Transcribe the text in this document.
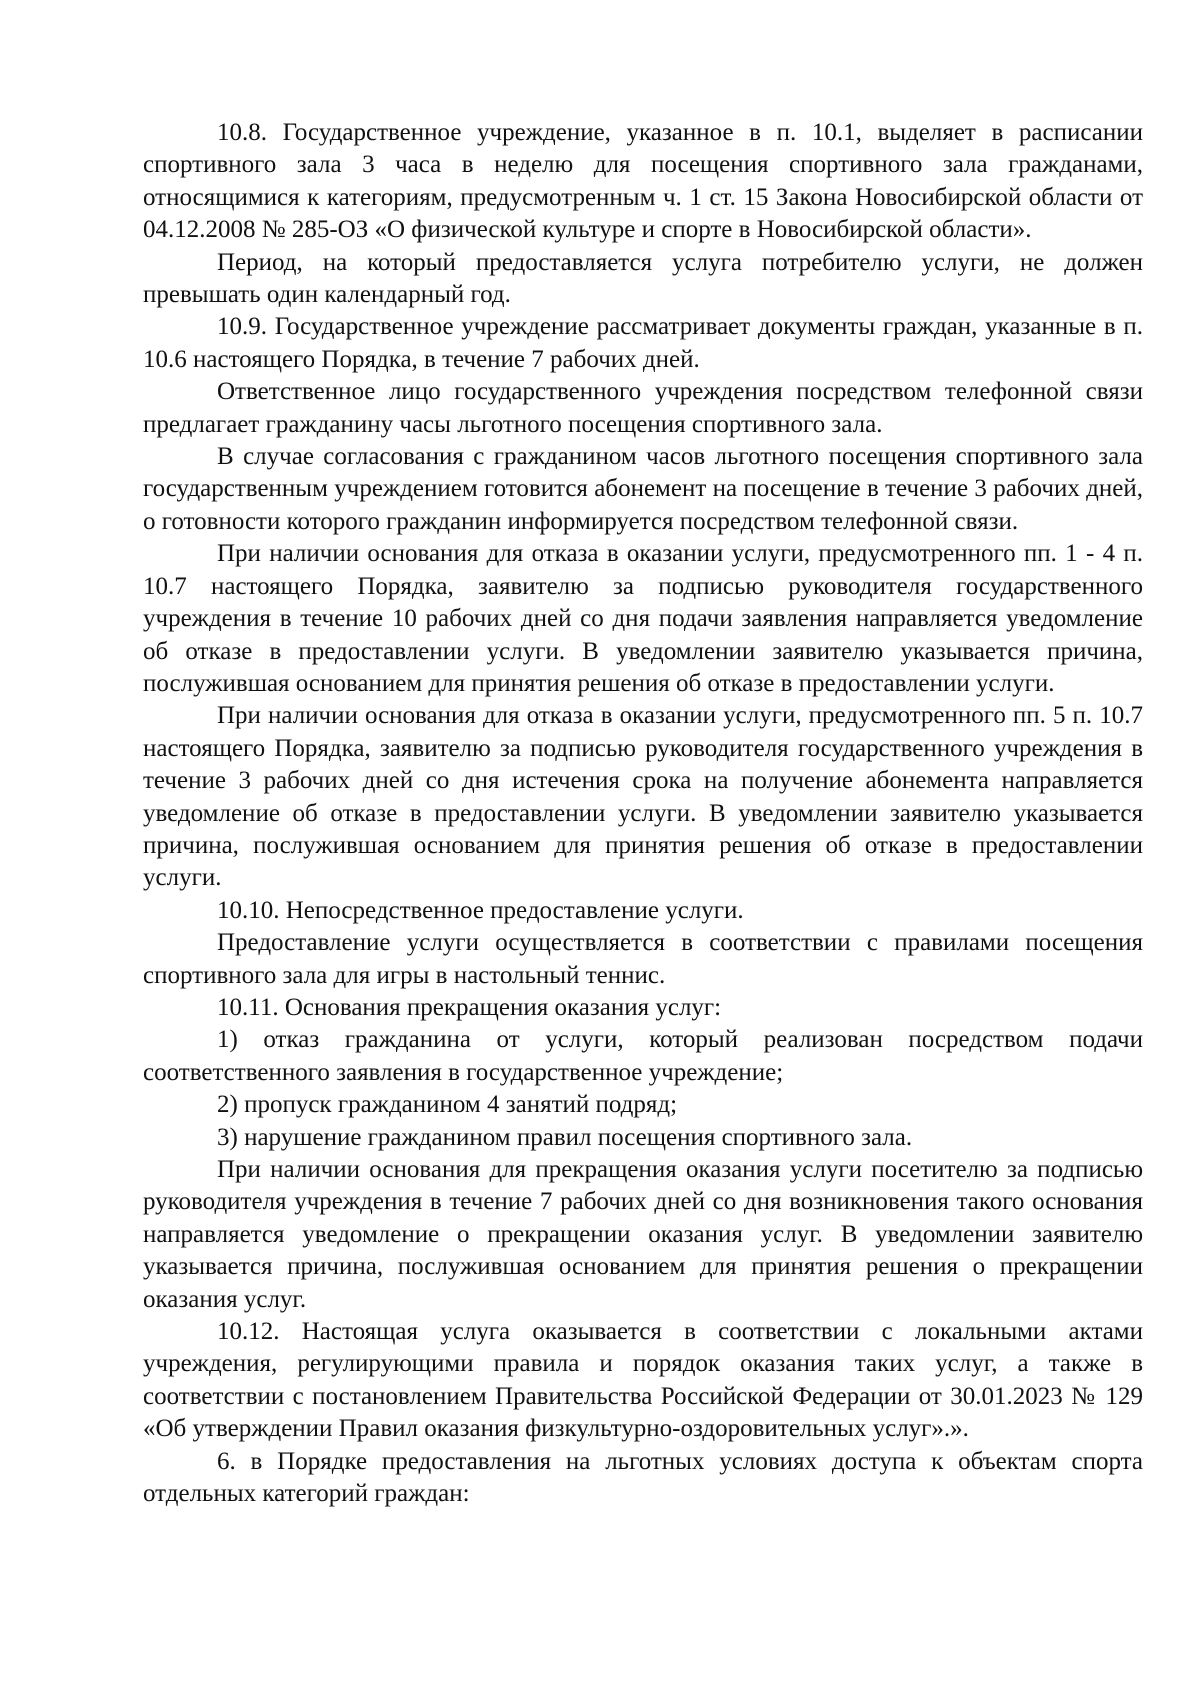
10.8. Государственное учреждение, указанное в п. 10.1, выделяет в расписании спортивного зала 3 часа в неделю для посещения спортивного зала гражданами, относящимися к категориям, предусмотренным ч. 1 ст. 15 Закона Новосибирской области от 04.12.2008 № 285-ОЗ «О физической культуре и спорте в Новосибирской области».

Период, на который предоставляется услуга потребителю услуги, не должен превышать один календарный год.

10.9. Государственное учреждение рассматривает документы граждан, указанные в п. 10.6 настоящего Порядка, в течение 7 рабочих дней.

Ответственное лицо государственного учреждения посредством телефонной связи предлагает гражданину часы льготного посещения спортивного зала.

В случае согласования с гражданином часов льготного посещения спортивного зала государственным учреждением готовится абонемент на посещение в течение 3 рабочих дней, о готовности которого гражданин информируется посредством телефонной связи.

При наличии основания для отказа в оказании услуги, предусмотренного пп. 1 - 4 п. 10.7 настоящего Порядка, заявителю за подписью руководителя государственного учреждения в течение 10 рабочих дней со дня подачи заявления направляется уведомление об отказе в предоставлении услуги. В уведомлении заявителю указывается причина, послужившая основанием для принятия решения об отказе в предоставлении услуги.

При наличии основания для отказа в оказании услуги, предусмотренного пп. 5 п. 10.7 настоящего Порядка, заявителю за подписью руководителя государственного учреждения в течение 3 рабочих дней со дня истечения срока на получение абонемента направляется уведомление об отказе в предоставлении услуги. В уведомлении заявителю указывается причина, послужившая основанием для принятия решения об отказе в предоставлении услуги.

10.10. Непосредственное предоставление услуги.

Предоставление услуги осуществляется в соответствии с правилами посещения спортивного зала для игры в настольный теннис.

10.11. Основания прекращения оказания услуг:

1) отказ гражданина от услуги, который реализован посредством подачи соответственного заявления в государственное учреждение;

2) пропуск гражданином 4 занятий подряд;

3) нарушение гражданином правил посещения спортивного зала.

При наличии основания для прекращения оказания услуги посетителю за подписью руководителя учреждения в течение 7 рабочих дней со дня возникновения такого основания направляется уведомление о прекращении оказания услуг. В уведомлении заявителю указывается причина, послужившая основанием для принятия решения о прекращении оказания услуг.

10.12. Настоящая услуга оказывается в соответствии с локальными актами учреждения, регулирующими правила и порядок оказания таких услуг, а также в соответствии с постановлением Правительства Российской Федерации от 30.01.2023 № 129 «Об утверждении Правил оказания физкультурно-оздоровительных услуг».».

6. в Порядке предоставления на льготных условиях доступа к объектам спорта отдельных категорий граждан:
